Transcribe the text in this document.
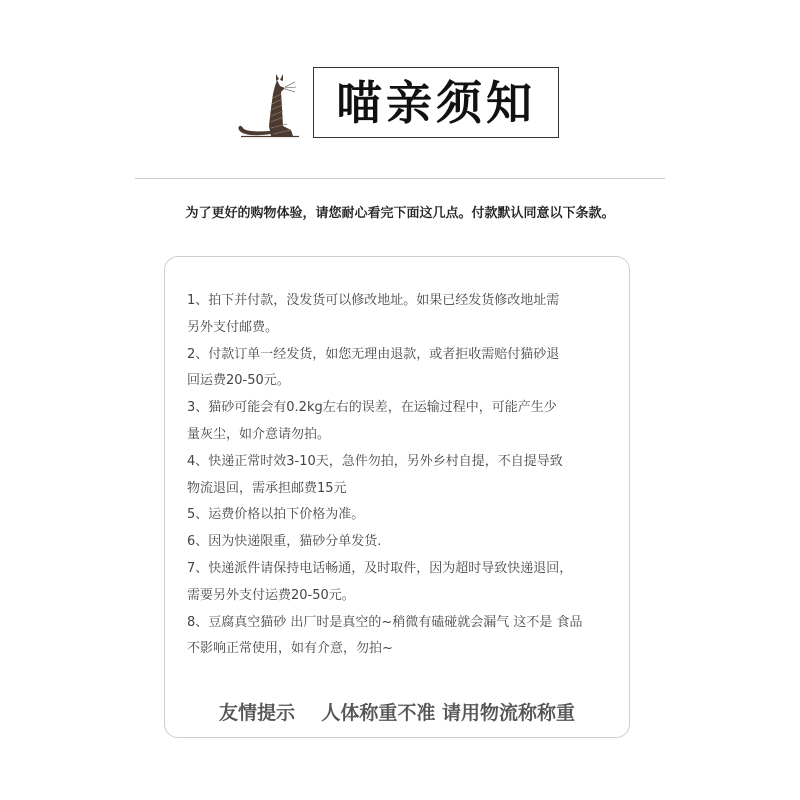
喵亲须知
为了更好的购物体验，请您耐心看完下面这几点。付款默认同意以下条款。
1、拍下并付款，没发货可以修改地址。如果已经发货修改地址需
另外支付邮费。
2、付款订单一经发货，如您无理由退款，或者拒收需赔付猫砂退
回运费20-50元。
3、猫砂可能会有0.2kg左右的误差，在运输过程中，可能产生少
量灰尘，如介意请勿拍。
4、快递正常时效3-10天，急件勿拍，另外乡村自提，不自提导致
物流退回，需承担邮费15元
5、运费价格以拍下价格为准。
6、因为快递限重，猫砂分单发货.
7、快递派件请保持电话畅通，及时取件，因为超时导致快递退回，
需要另外支付运费20-50元。
8、豆腐真空猫砂 出厂时是真空的~稍微有磕碰就会漏气 这不是 食品
不影响正常使用，如有介意，勿拍~
友情提示    人体称重不准 请用物流称称重
